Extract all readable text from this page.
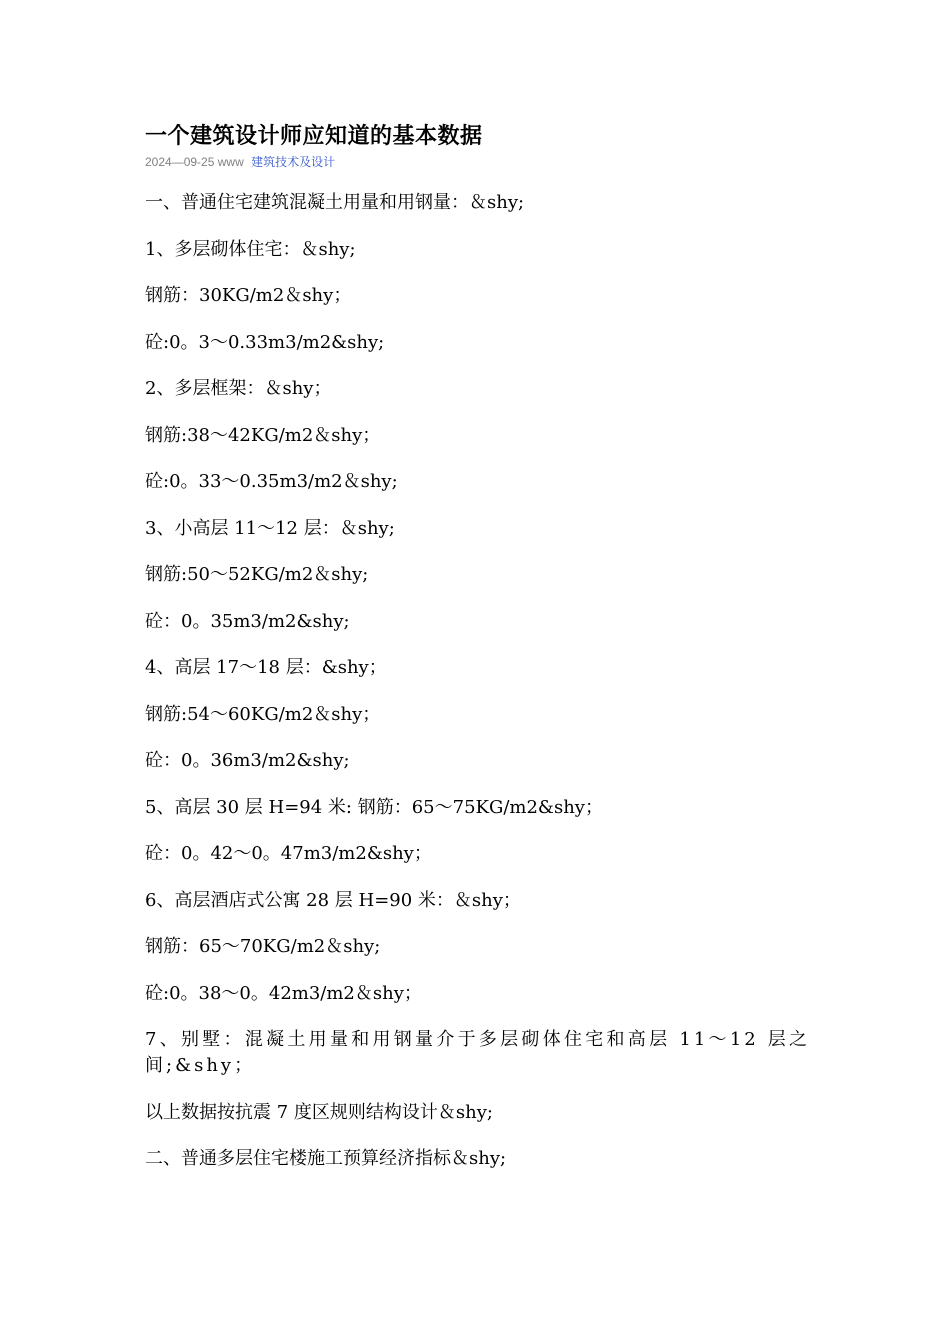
一个建筑设计师应知道的基本数据
2024—09-25 www 建筑技术及设计

一、普通住宅建筑混凝土用量和用钢量：＆shy;

1、多层砌体住宅：＆shy;

钢筋：30KG/m2＆shy；

砼:0。3～0.33m3/m2&shy;

2、多层框架：＆shy；

钢筋:38～42KG/m2＆shy；

砼:0。33～0.35m3/m2＆shy;

3、小高层 11～12 层：＆shy;

钢筋:50～52KG/m2＆shy;

砼：0。35m3/m2&shy;

4、高层 17～18 层：&shy；

钢筋:54～60KG/m2＆shy；

砼：0。36m3/m2&shy;

5、高层 30 层 H=94 米: 钢筋：65～75KG/m2&shy；

砼：0。42～0。47m3/m2&shy；

6、高层酒店式公寓 28 层 H=90 米：＆shy；

钢筋：65～70KG/m2＆shy;

砼:0。38～0。42m3/m2＆shy；

7、别墅：混凝土用量和用钢量介于多层砌体住宅和高层 11～12 层之间;&shy；

以上数据按抗震 7 度区规则结构设计＆shy;

二、普通多层住宅楼施工预算经济指标＆shy;
